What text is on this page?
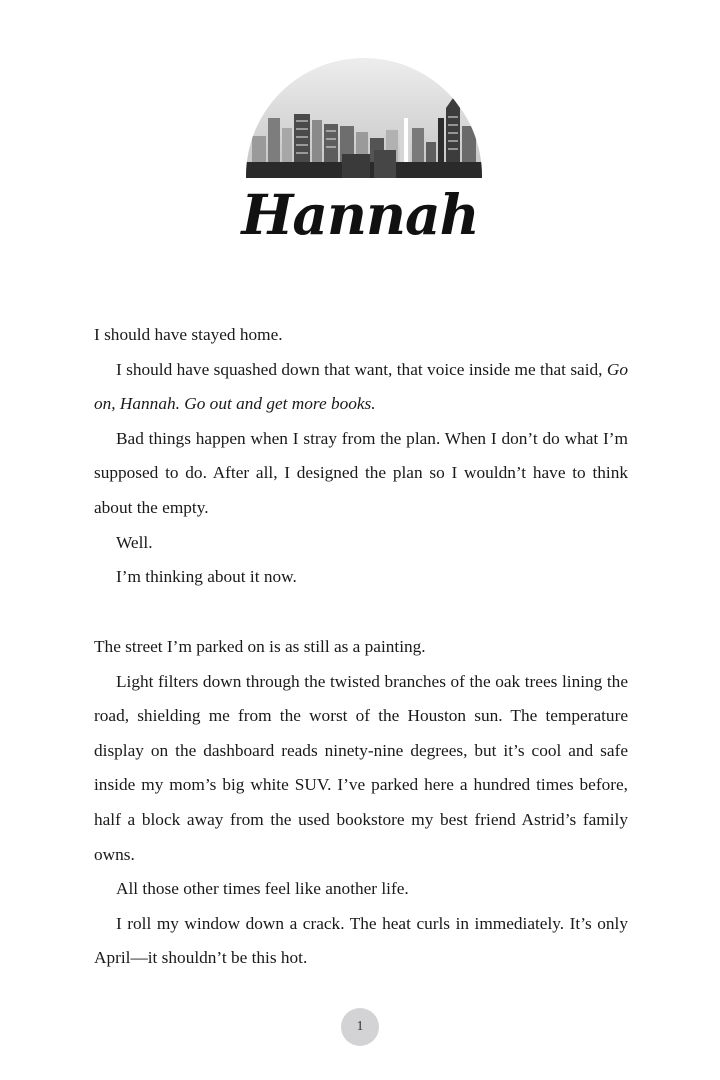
Hannah

I should have stayed home.

I should have squashed down that want, that voice inside me that said, Go on, Hannah. Go out and get more books.

Bad things happen when I stray from the plan. When I don’t do what I’m supposed to do. After all, I designed the plan so I wouldn’t have to think about the empty.

Well.

I’m thinking about it now.

The street I’m parked on is as still as a painting.

Light filters down through the twisted branches of the oak trees lining the road, shielding me from the worst of the Houston sun. The temperature display on the dashboard reads ninety-nine degrees, but it’s cool and safe inside my mom’s big white SUV. I’ve parked here a hundred times before, half a block away from the used bookstore my best friend Astrid’s family owns.

All those other times feel like another life.

I roll my window down a crack. The heat curls in immediately. It’s only April—it shouldn’t be this hot.

1
